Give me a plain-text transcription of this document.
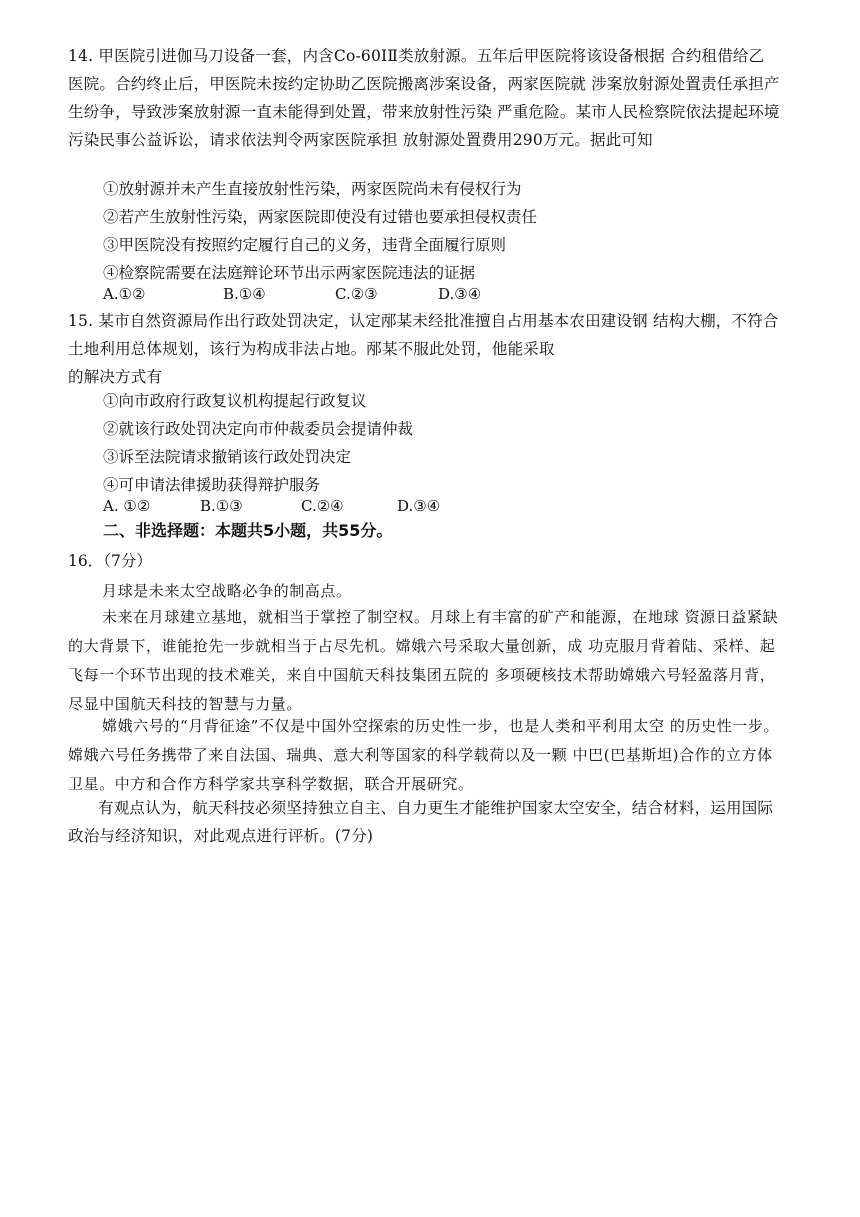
14. 甲医院引进伽马刀设备一套，内含Co-60ⅠⅡ类放射源。五年后甲医院将该设备根据 合约租借给乙医院。合约终止后，甲医院未按约定协助乙医院搬离涉案设备，两家医院就 涉案放射源处置责任承担产生纷争，导致涉案放射源一直未能得到处置，带来放射性污染 严重危险。某市人民检察院依法提起环境污染民事公益诉讼，请求依法判令两家医院承担 放射源处置费用290万元。据此可知

①放射源并未产生直接放射性污染，两家医院尚未有侵权行为
②若产生放射性污染，两家医院即使没有过错也要承担侵权责任
③甲医院没有按照约定履行自己的义务，违背全面履行原则
④检察院需要在法庭辩论环节出示两家医院违法的证据
A.①②	B.①④	C.②③	D.③④

15. 某市自然资源局作出行政处罚决定，认定邴某未经批准擅自占用基本农田建设钢 结构大棚，不符合土地利用总体规划，该行为构成非法占地。邴某不服此处罚，他能采取

的解决方式有
①向市政府行政复议机构提起行政复议
②就该行政处罚决定向市仲裁委员会提请仲裁
③诉至法院请求撤销该行政处罚决定
④可申请法律援助获得辩护服务
A. ①②	B.①③	C.②④	D.③④
二、非选择题：本题共5小题，共55分。
16．（7分）

月球是未来太空战略必争的制高点。

未来在月球建立基地，就相当于掌控了制空权。月球上有丰富的矿产和能源，在地球 资源日益紧缺的大背景下，谁能抢先一步就相当于占尽先机。嫦娥六号采取大量创新，成 功克服月背着陆、采样、起飞每一个环节出现的技术难关，来自中国航天科技集团五院的 多项硬核技术帮助嫦娥六号轻盈落月背，尽显中国航天科技的智慧与力量。

嫦娥六号的“月背征途”不仅是中国外空探索的历史性一步，也是人类和平利用太空 的历史性一步。嫦娥六号任务携带了来自法国、瑞典、意大利等国家的科学载荷以及一颗 中巴(巴基斯坦)合作的立方体卫星。中方和合作方科学家共享科学数据，联合开展研究。

有观点认为，航天科技必须坚持独立自主、自力更生才能维护国家太空安全，结合材料，运用国际政治与经济知识，对此观点进行评析。(7分)
